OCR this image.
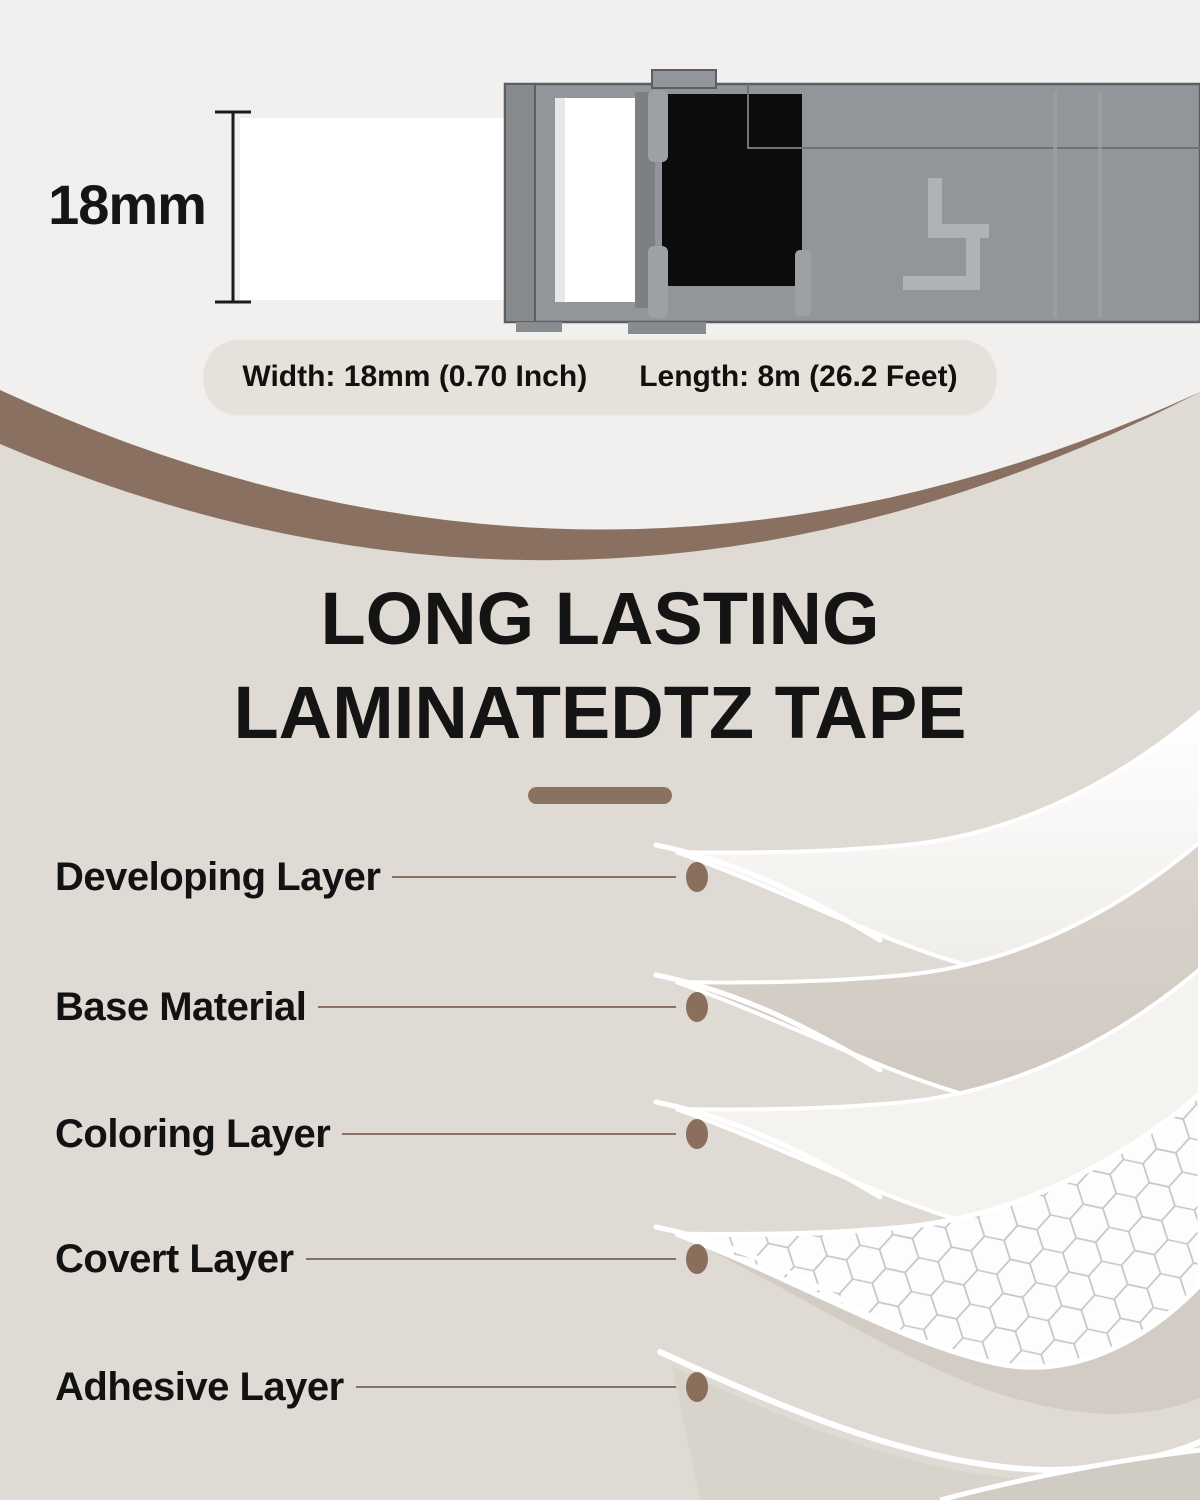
18mm
Width: 18mm (0.70 Inch) Length: 8m (26.2 Feet)
LONG LASTING
LAMINATEDTZ TAPE
Developing Layer
Base Material
Coloring Layer
Covert Layer
Adhesive Layer
